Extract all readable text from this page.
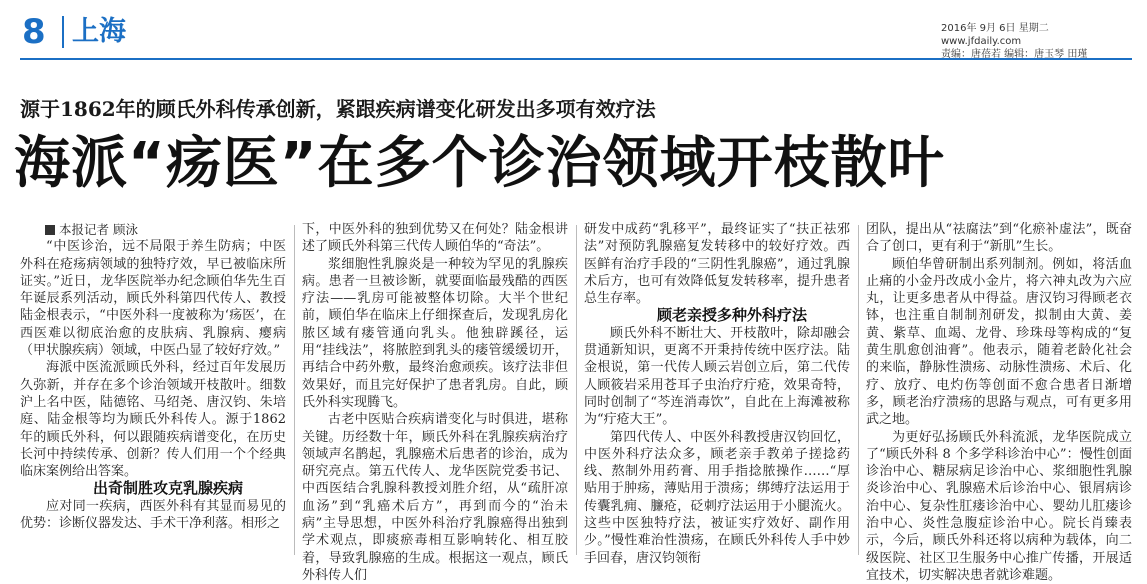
8 上海	2016年 9月 6日 星期二
www.jfdaily.com
责编：唐蓓若 编辑：唐玉琴 田瑾
源于1862年的顾氏外科传承创新，紧跟疾病谱变化研发出多项有效疗法
海派“疡医”在多个诊治领域开枝散叶

本报记者 顾泳

“中医诊治，远不局限于养生防病；中医外科在疮疡病领域的独特疗效，早已被临床所证实。”近日，龙华医院举办纪念顾伯华先生百年诞辰系列活动，顾氏外科第四代传人、教授陆金根表示，“中医外科一度被称为‘疡医’，在西医难以彻底治愈的皮肤病、乳腺病、瘿病（甲状腺疾病）领域，中医凸显了较好疗效。”

海派中医流派顾氏外科，经过百年发展历久弥新，并存在多个诊治领域开枝散叶。细数沪上名中医，陆德铭、马绍尧、唐汉钧、朱培庭、陆金根等均为顾氏外科传人。源于1862年的顾氏外科，何以跟随疾病谱变化，在历史长河中持续传承、创新？传人们用一个个经典临床案例给出答案。

出奇制胜攻克乳腺疾病

应对同一疾病，西医外科有其显而易见的优势：诊断仪器发达、手术干净利落。相形之

下，中医外科的独到优势又在何处？陆金根讲述了顾氏外科第三代传人顾伯华的“奇法”。

浆细胞性乳腺炎是一种较为罕见的乳腺疾病。患者一旦被诊断，就要面临最残酷的西医疗法——乳房可能被整体切除。大半个世纪前，顾伯华在临床上仔细探查后，发现乳房化脓区域有瘘管通向乳头。他独辟蹊径，运用“挂线法”，将脓腔到乳头的瘘管缓缓切开，再结合中药外敷，最终治愈顽疾。该疗法非但效果好，而且完好保护了患者乳房。自此，顾氏外科实现腾飞。

古老中医贴合疾病谱变化与时俱进，堪称关键。历经数十年，顾氏外科在乳腺疾病治疗领域声名鹊起，乳腺癌术后患者的诊治，成为研究亮点。第五代传人、龙华医院党委书记、中西医结合乳腺科教授刘胜介绍，从“疏肝凉血汤”到“乳癌术后方”，再到而今的“治未病”主导思想，中医外科治疗乳腺癌得出独到学术观点，即痰瘀毒相互影响转化、相互胶着，导致乳腺癌的生成。根据这一观点，顾氏外科传人们

研发中成药“乳移平”，最终证实了“扶正祛邪法”对预防乳腺癌复发转移中的较好疗效。西医鲜有治疗手段的“三阴性乳腺癌”，通过乳腺术后方，也可有效降低复发转移率，提升患者总生存率。

顾老亲授多种外科疗法

顾氏外科不断壮大、开枝散叶，除却融会贯通新知识，更离不开秉持传统中医疗法。陆金根说，第一代传人顾云岩创立后，第二代传人顾筱岩采用苍耳子虫治疗疔疮，效果奇特，同时创制了“芩连消毒饮”，自此在上海滩被称为“疔疮大王”。

第四代传人、中医外科教授唐汉钧回忆，中医外科疗法众多，顾老亲手教弟子搓捻药线、熬制外用药膏、用手指捻脓操作……“厚贴用于肿疡，薄贴用于溃疡；绑缚疗法运用于传囊乳痈、臁疮，砭刺疗法运用于小腿流火。这些中医独特疗法，被证实疗效好、副作用少。”慢性难治性溃疡，在顾氏外科传人手中妙手回春，唐汉钧领衔

团队，提出从“祛腐法”到“化瘀补虚法”，既奋合了创口，更有利于“新肌”生长。

顾伯华曾研制出系列制剂。例如，将活血止痛的小金丹改成小金片，将六神丸改为六应丸，让更多患者从中得益。唐汉钧习得顾老衣钵，也注重自制制剂研发，拟制由大黄、姜黄、紫草、血竭、龙骨、珍珠母等构成的“复黄生肌愈创油膏”。他表示，随着老龄化社会的来临，静脉性溃疡、动脉性溃疡、术后、化疗、放疗、电灼伤等创面不愈合患者日渐增多，顾老治疗溃疡的思路与观点，可有更多用武之地。

为更好弘扬顾氏外科流派，龙华医院成立了“顾氏外科 8 个多学科诊治中心”：慢性创面诊治中心、糖尿病足诊治中心、浆细胞性乳腺炎诊治中心、乳腺癌术后诊治中心、银屑病诊治中心、复杂性肛瘘诊治中心、婴幼儿肛瘘诊治中心、炎性急腹症诊治中心。院长肖臻表示，今后，顾氏外科还将以病种为载体，向二级医院、社区卫生服务中心推广传播，开展适宜技术，切实解决患者就诊难题。
